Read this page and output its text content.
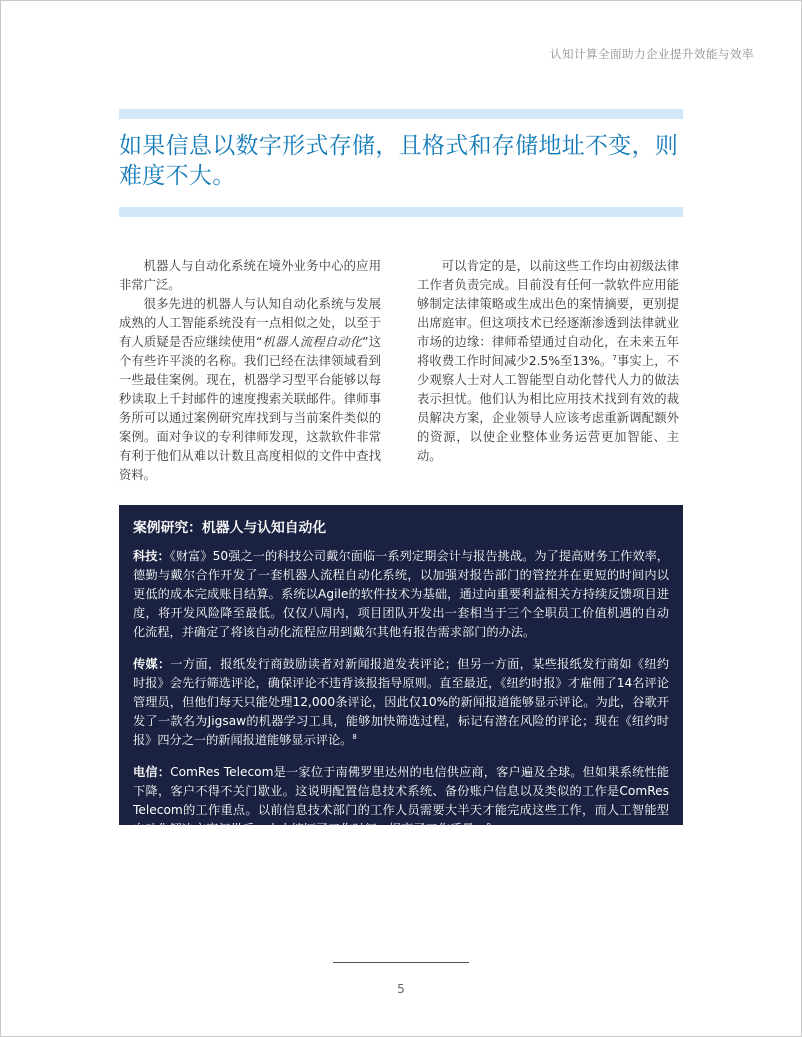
认知计算全面助力企业提升效能与效率
如果信息以数字形式存储，且格式和存储地址不变，则难度不大。

机器人与自动化系统在境外业务中心的应用非常广泛。

很多先进的机器人与认知自动化系统与发展成熟的人工智能系统没有一点相似之处，以至于有人质疑是否应继续使用“机器人流程自动化”这个有些许平淡的名称。我们已经在法律领域看到一些最佳案例。现在，机器学习型平台能够以每秒读取上千封邮件的速度搜索关联邮件。律师事务所可以通过案例研究库找到与当前案件类似的案例。面对争议的专利律师发现，这款软件非常有利于他们从难以计数且高度相似的文件中查找资料。

可以肯定的是，以前这些工作均由初级法律工作者负责完成。目前没有任何一款软件应用能够制定法律策略或生成出色的案情摘要，更别提出席庭审。但这项技术已经逐渐渗透到法律就业市场的边缘：律师希望通过自动化，在未来五年将收费工作时间减少2.5%至13%。$^7$事实上，不少观察人士对人工智能型自动化替代人力的做法表示担忧。他们认为相比应用技术找到有效的裁员解决方案，企业领导人应该考虑重新调配额外的资源，以使企业整体业务运营更加智能、主动。

案例研究：机器人与认知自动化

科技：《财富》50强之一的科技公司戴尔面临一系列定期会计与报告挑战。为了提高财务工作效率，德勤与戴尔合作开发了一套机器人流程自动化系统，以加强对报告部门的管控并在更短的时间内以更低的成本完成账目结算。系统以Agile的软件技术为基础，通过向重要利益相关方持续反馈项目进度，将开发风险降至最低。仅仅八周内，项目团队开发出一套相当于三个全职员工价值机遇的自动化流程，并确定了将该自动化流程应用到戴尔其他有报告需求部门的办法。

传媒：一方面，报纸发行商鼓励读者对新闻报道发表评论；但另一方面，某些报纸发行商如《纽约时报》会先行筛选评论，确保评论不违背该报指导原则。直至最近，《纽约时报》才雇佣了14名评论管理员，但他们每天只能处理12,000条评论，因此仅10%的新闻报道能够显示评论。为此，谷歌开发了一款名为Jigsaw的机器学习工具，能够加快筛选过程，标记有潜在风险的评论；现在《纽约时报》四分之一的新闻报道能够显示评论。$^8$

电信：ComRes Telecom是一家位于南佛罗里达州的电信供应商，客户遍及全球。但如果系统性能下降，客户不得不关门歇业。这说明配置信息技术系统、备份账户信息以及类似的工作是ComRes Telecom的工作重点。以前信息技术部门的工作人员需要大半天才能完成这些工作，而人工智能型自动化解决方案问世后，大大缩短了工作时间，提高了工作质量。$^9$

5
